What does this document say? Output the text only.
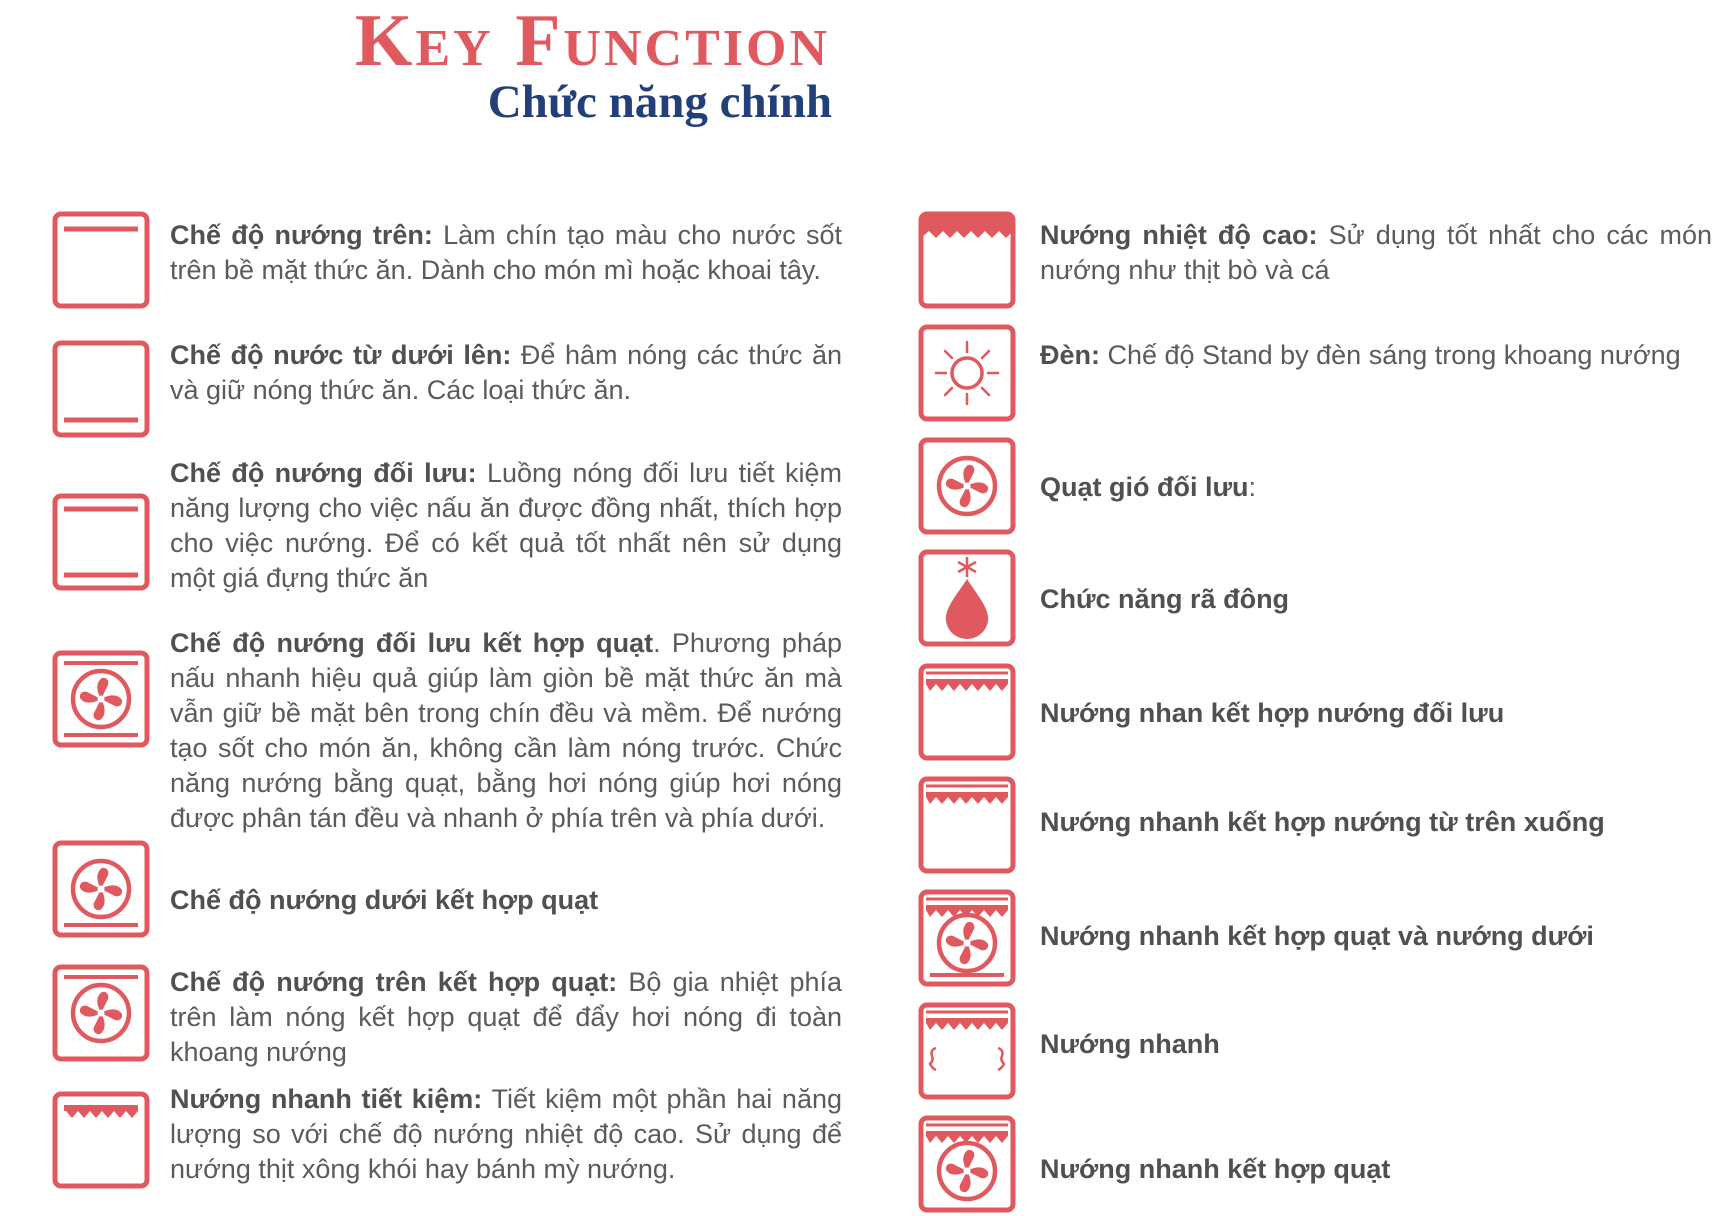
Key Function
Chức năng chính
Chế độ nướng trên: Làm chín tạo màu cho nước sốt trên bề mặt thức ăn. Dành cho món mì hoặc khoai tây.
Chế độ nước từ dưới lên: Để hâm nóng các thức ăn và giữ nóng thức ăn. Các loại thức ăn.
Chế độ nướng đối lưu: Luồng nóng đối lưu tiết kiệm năng lượng cho việc nấu ăn được đồng nhất, thích hợp cho việc nướng. Để có kết quả tốt nhất nên sử dụng một giá đựng thức ăn
Chế độ nướng đối lưu kết hợp quạt. Phương pháp nấu nhanh hiệu quả giúp làm giòn bề mặt thức ăn mà vẫn giữ bề mặt bên trong chín đều và mềm. Để nướng tạo sốt cho món ăn, không cần làm nóng trước. Chức năng nướng bằng quạt, bằng hơi nóng giúp hơi nóng được phân tán đều và nhanh ở phía trên và phía dưới.
Chế độ nướng dưới kết hợp quạt
Chế độ nướng trên kết hợp quạt: Bộ gia nhiệt phía trên làm nóng kết hợp quạt để đẩy hơi nóng đi toàn khoang nướng
Nướng nhanh tiết kiệm: Tiết kiệm một phần hai năng lượng so với chế độ nướng nhiệt độ cao. Sử dụng để nướng thịt xông khói hay bánh mỳ nướng.
Nướng nhiệt độ cao: Sử dụng tốt nhất cho các món nướng như thịt bò và cá
Đèn: Chế độ Stand by đèn sáng trong khoang nướng
Quạt gió đối lưu:
Chức năng rã đông
Nướng nhan kết hợp nướng đối lưu
Nướng nhanh kết hợp nướng từ trên xuống
Nướng nhanh kết hợp quạt và nướng dưới
Nướng nhanh
Nướng nhanh kết hợp quạt
